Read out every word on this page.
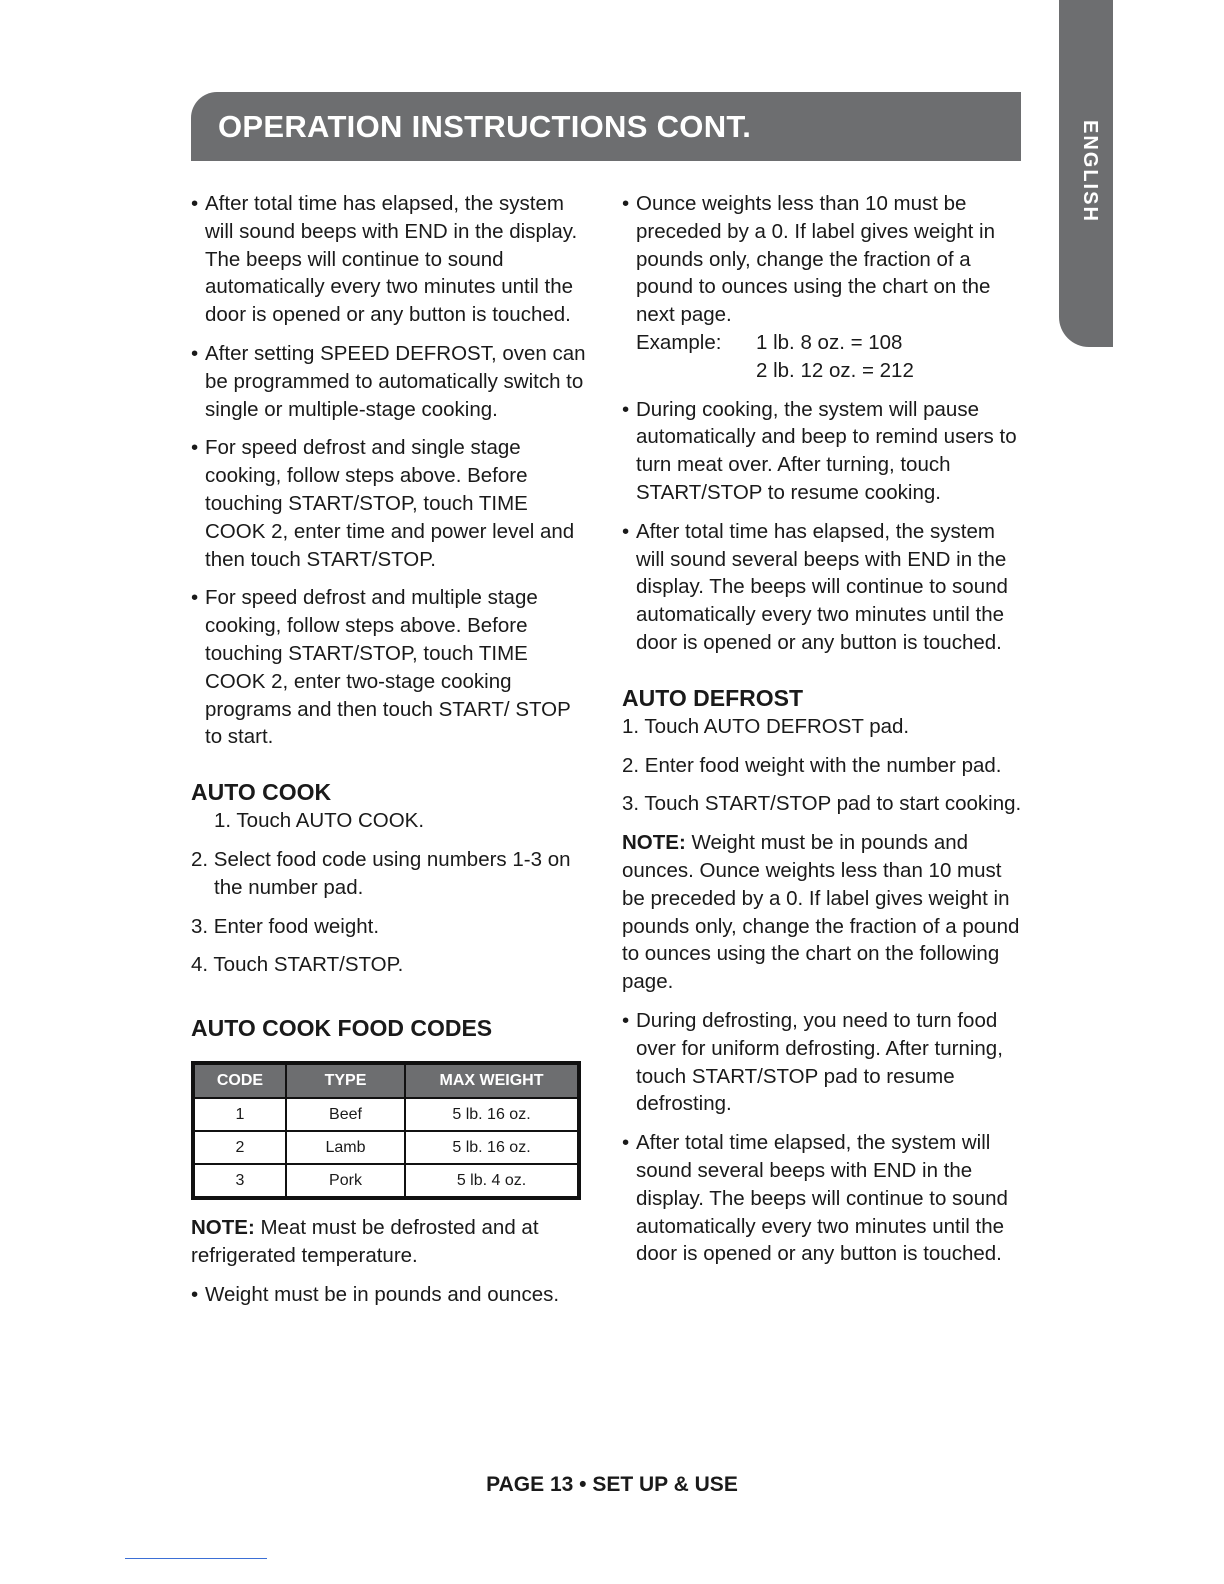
OPERATION INSTRUCTIONS CONT.	ENGLISH
• After total time has elapsed, the system will sound beeps with END in the display. The beeps will continue to sound automatically every two minutes until the door is opened or any button is touched.
• After setting SPEED DEFROST, oven can be programmed to automatically switch to single or multiple-stage cooking.
• For speed defrost and single stage cooking, follow steps above. Before touching START/STOP, touch TIME COOK 2, enter time and power level and then touch START/STOP.
• For speed defrost and multiple stage cooking, follow steps above. Before touching START/STOP, touch TIME COOK 2, enter two-stage cooking programs and then touch START/ STOP to start.
AUTO COOK
1. Touch AUTO COOK.
2. Select food code using numbers 1-3 on the number pad.
3. Enter food weight.
4. Touch START/STOP.
AUTO COOK FOOD CODES
CODE	TYPE	MAX WEIGHT
1	Beef	5 lb. 16 oz.
2	Lamb	5 lb. 16 oz.
3	Pork	5 lb. 4 oz.
NOTE: Meat must be defrosted and at refrigerated temperature.
• Weight must be in pounds and ounces.
• Ounce weights less than 10 must be preceded by a 0. If label gives weight in pounds only, change the fraction of a pound to ounces using the chart on the next page.
Example:	1 lb. 8 oz. = 108
2 lb. 12 oz. = 212
• During cooking, the system will pause automatically and beep to remind users to turn meat over. After turning, touch START/STOP to resume cooking.
• After total time has elapsed, the system will sound several beeps with END in the display. The beeps will continue to sound automatically every two minutes until the door is opened or any button is touched.
AUTO DEFROST
1. Touch AUTO DEFROST pad.
2. Enter food weight with the number pad.
3. Touch START/STOP pad to start cooking.
NOTE: Weight must be in pounds and ounces. Ounce weights less than 10 must be preceded by a 0. If label gives weight in pounds only, change the fraction of a pound to ounces using the chart on the following page.
• During defrosting, you need to turn food over for uniform defrosting. After turning, touch START/STOP pad to resume defrosting.
• After total time elapsed, the system will sound several beeps with END in the display. The beeps will continue to sound automatically every two minutes until the door is opened or any button is touched.
PAGE 13 • SET UP & USE
